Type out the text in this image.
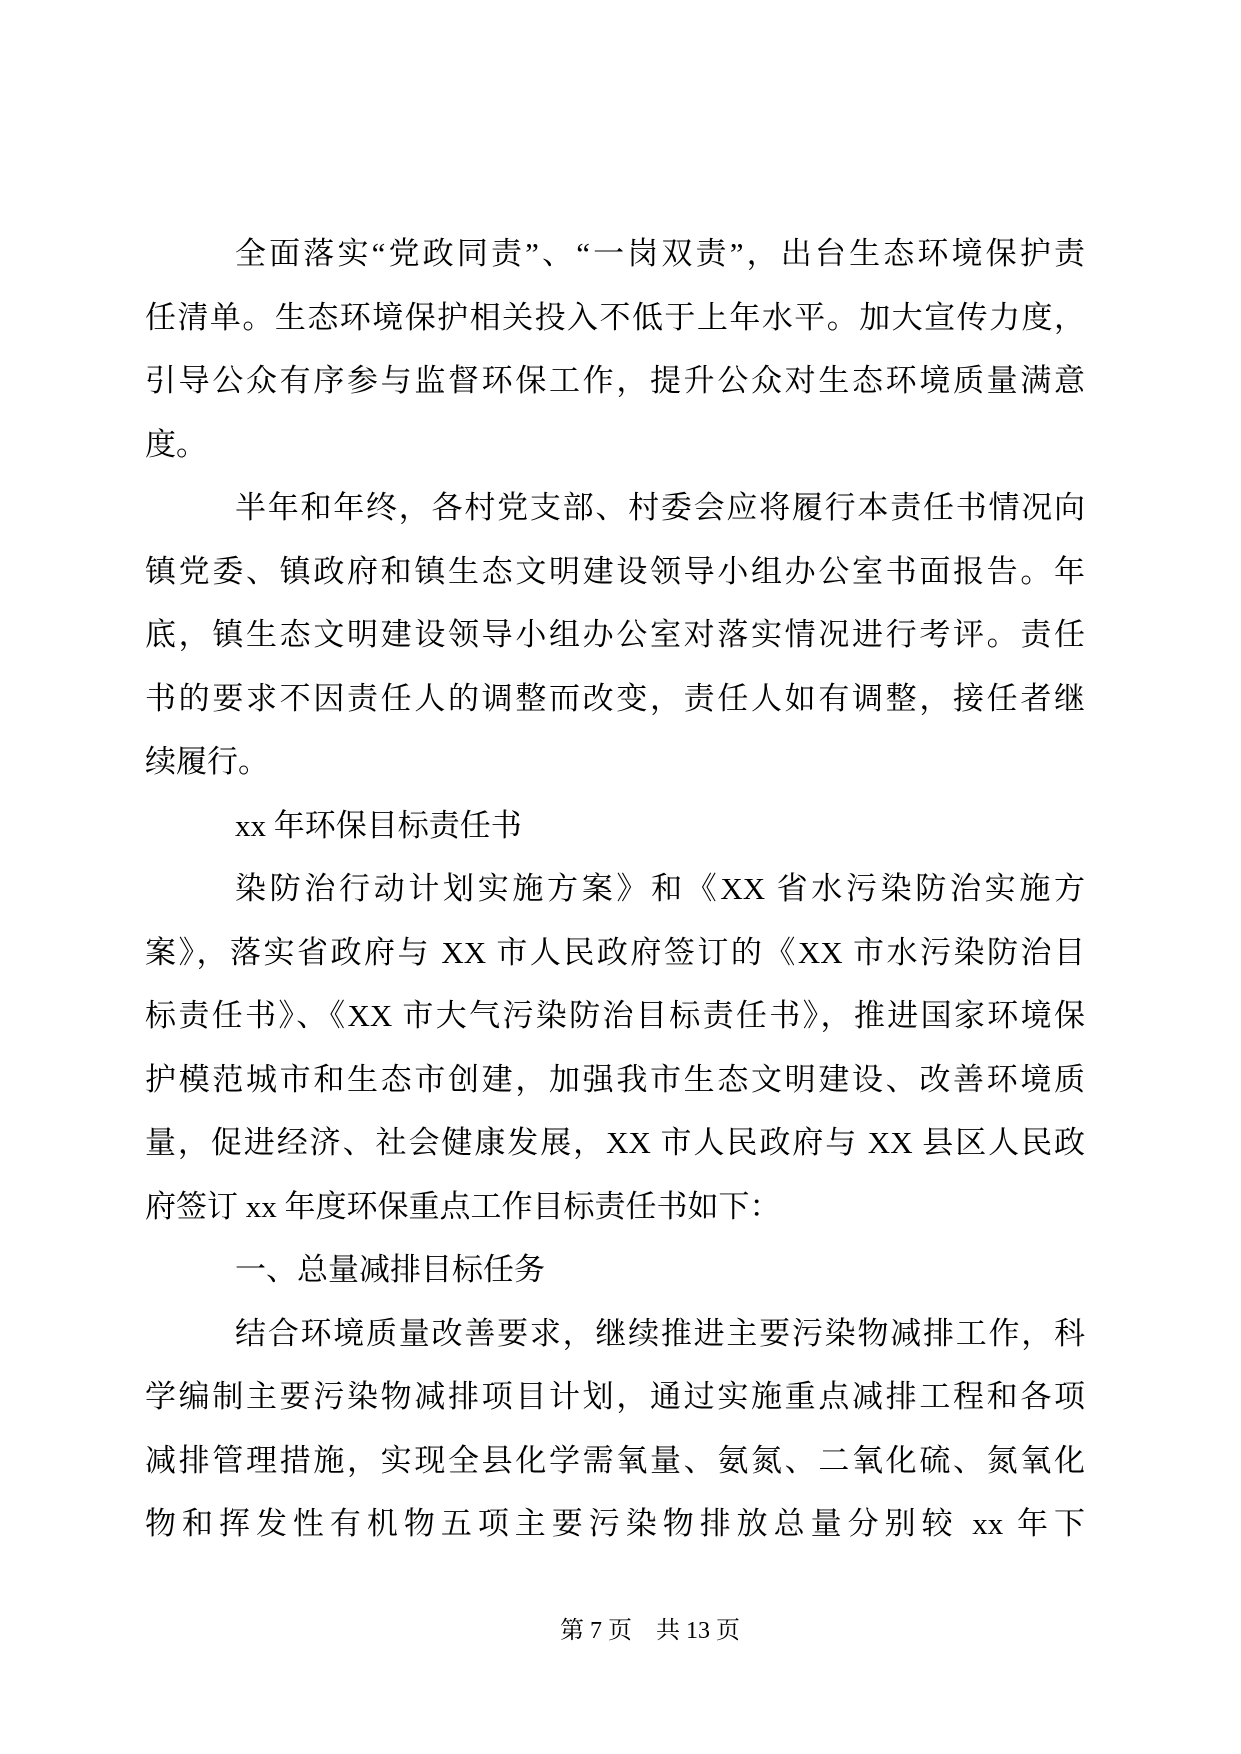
全面落实“党政同责”、“一岗双责”，出台生态环境保护责
任清单。生态环境保护相关投入不低于上年水平。加大宣传力度，
引导公众有序参与监督环保工作，提升公众对生态环境质量满意
度。
半年和年终，各村党支部、村委会应将履行本责任书情况向
镇党委、镇政府和镇生态文明建设领导小组办公室书面报告。年
底，镇生态文明建设领导小组办公室对落实情况进行考评。责任
书的要求不因责任人的调整而改变，责任人如有调整，接任者继
续履行。
xx 年环保目标责任书
染防治行动计划实施方案》和《XX 省水污染防治实施方
案》，落实省政府与 XX 市人民政府签订的《XX 市水污染防治目
标责任书》、《XX 市大气污染防治目标责任书》，推进国家环境保
护模范城市和生态市创建，加强我市生态文明建设、改善环境质
量，促进经济、社会健康发展，XX 市人民政府与 XX 县区人民政
府签订 xx 年度环保重点工作目标责任书如下：
一、总量减排目标任务
结合环境质量改善要求，继续推进主要污染物减排工作，科
学编制主要污染物减排项目计划，通过实施重点减排工程和各项
减排管理措施，实现全县化学需氧量、氨氮、二氧化硫、氮氧化
物和挥发性有机物五项主要污染物排放总量分别较 xx 年下
第 7 页　共 13 页
